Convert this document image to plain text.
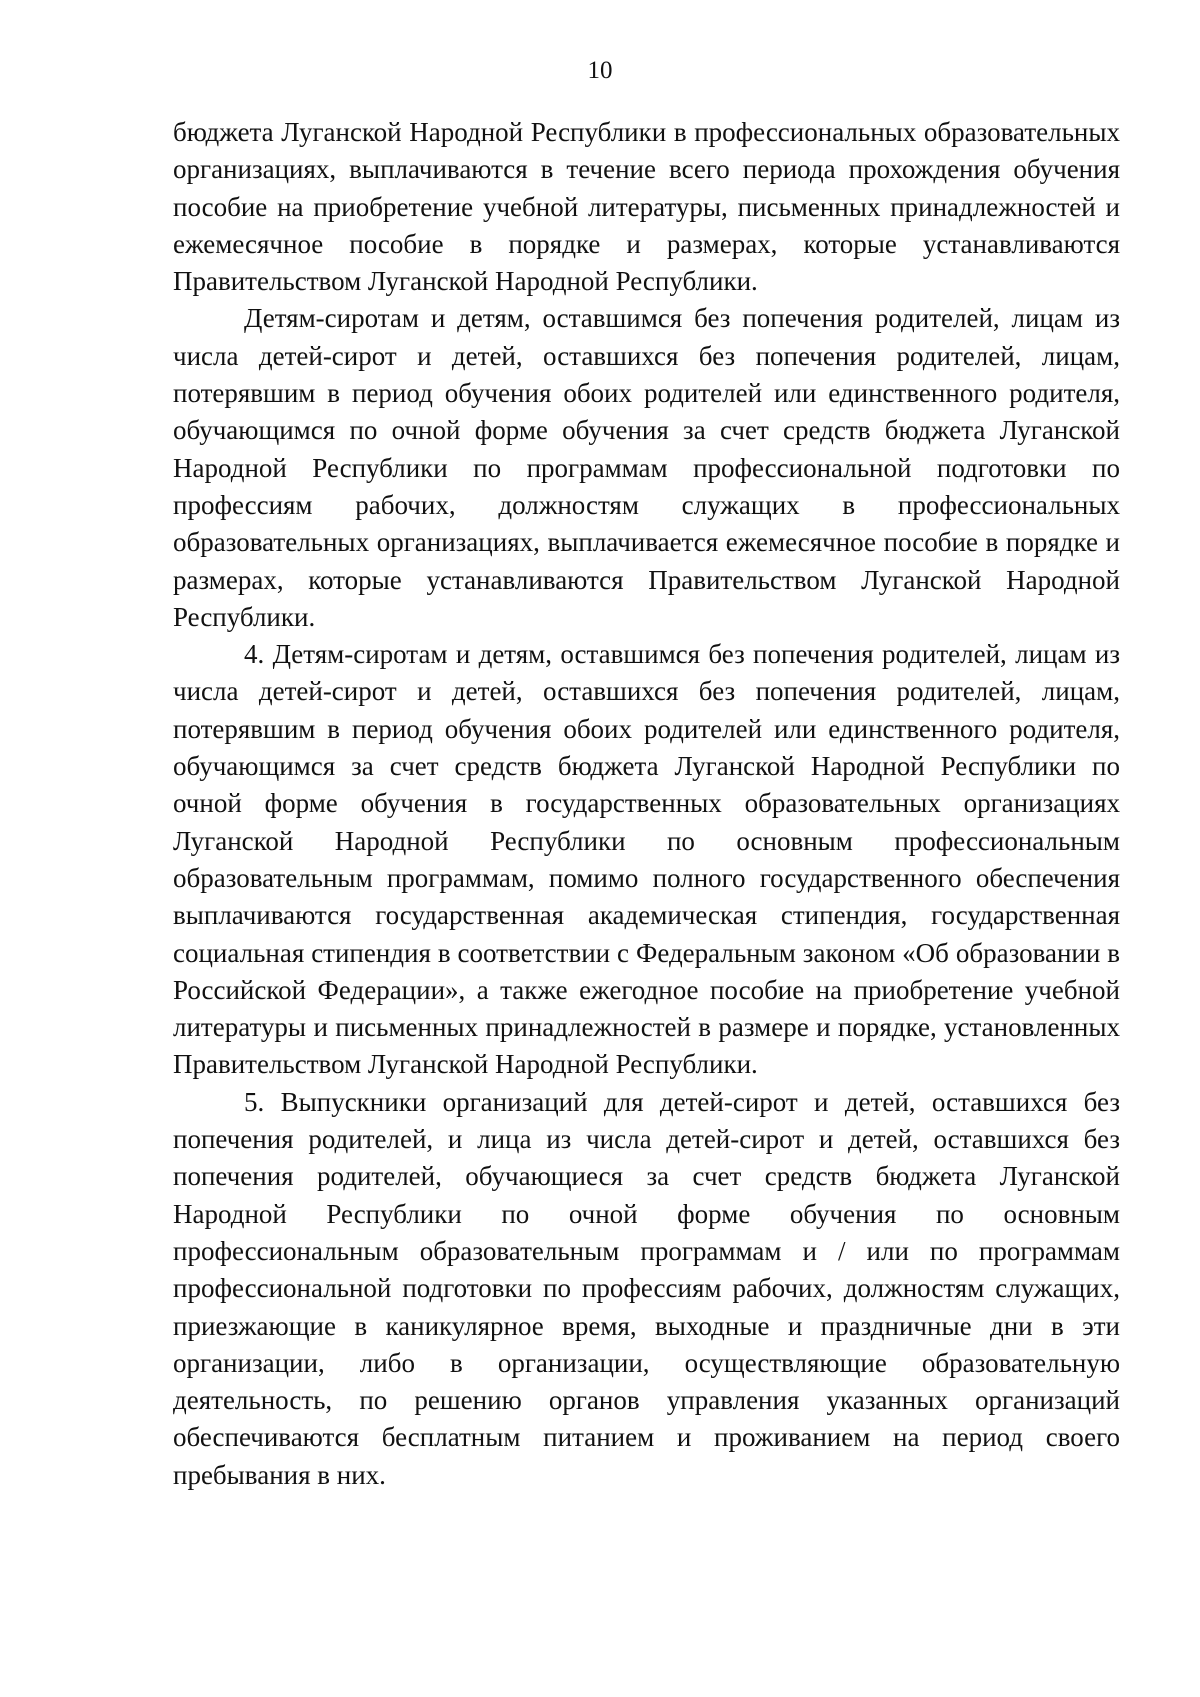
10

бюджета Луганской Народной Республики в профессиональных образовательных организациях, выплачиваются в течение всего периода прохождения обучения пособие на приобретение учебной литературы, письменных принадлежностей и ежемесячное пособие в порядке и размерах, которые устанавливаются Правительством Луганской Народной Республики.

Детям-сиротам и детям, оставшимся без попечения родителей, лицам из числа детей-сирот и детей, оставшихся без попечения родителей, лицам, потерявшим в период обучения обоих родителей или единственного родителя, обучающимся по очной форме обучения за счет средств бюджета Луганской Народной Республики по программам профессиональной подготовки по профессиям рабочих, должностям служащих в профессиональных образовательных организациях, выплачивается ежемесячное пособие в порядке и размерах, которые устанавливаются Правительством Луганской Народной Республики.

4. Детям-сиротам и детям, оставшимся без попечения родителей, лицам из числа детей-сирот и детей, оставшихся без попечения родителей, лицам, потерявшим в период обучения обоих родителей или единственного родителя, обучающимся за счет средств бюджета Луганской Народной Республики по очной форме обучения в государственных образовательных организациях Луганской Народной Республики по основным профессиональным образовательным программам, помимо полного государственного обеспечения выплачиваются государственная академическая стипендия, государственная социальная стипендия в соответствии с Федеральным законом «Об образовании в Российской Федерации», а также ежегодное пособие на приобретение учебной литературы и письменных принадлежностей в размере и порядке, установленных Правительством Луганской Народной Республики.

5. Выпускники организаций для детей-сирот и детей, оставшихся без попечения родителей, и лица из числа детей-сирот и детей, оставшихся без попечения родителей, обучающиеся за счет средств бюджета Луганской Народной Республики по очной форме обучения по основным профессиональным образовательным программам и / или по программам профессиональной подготовки по профессиям рабочих, должностям служащих, приезжающие в каникулярное время, выходные и праздничные дни в эти организации, либо в организации, осуществляющие образовательную деятельность, по решению органов управления указанных организаций обеспечиваются бесплатным питанием и проживанием на период своего пребывания в них.
